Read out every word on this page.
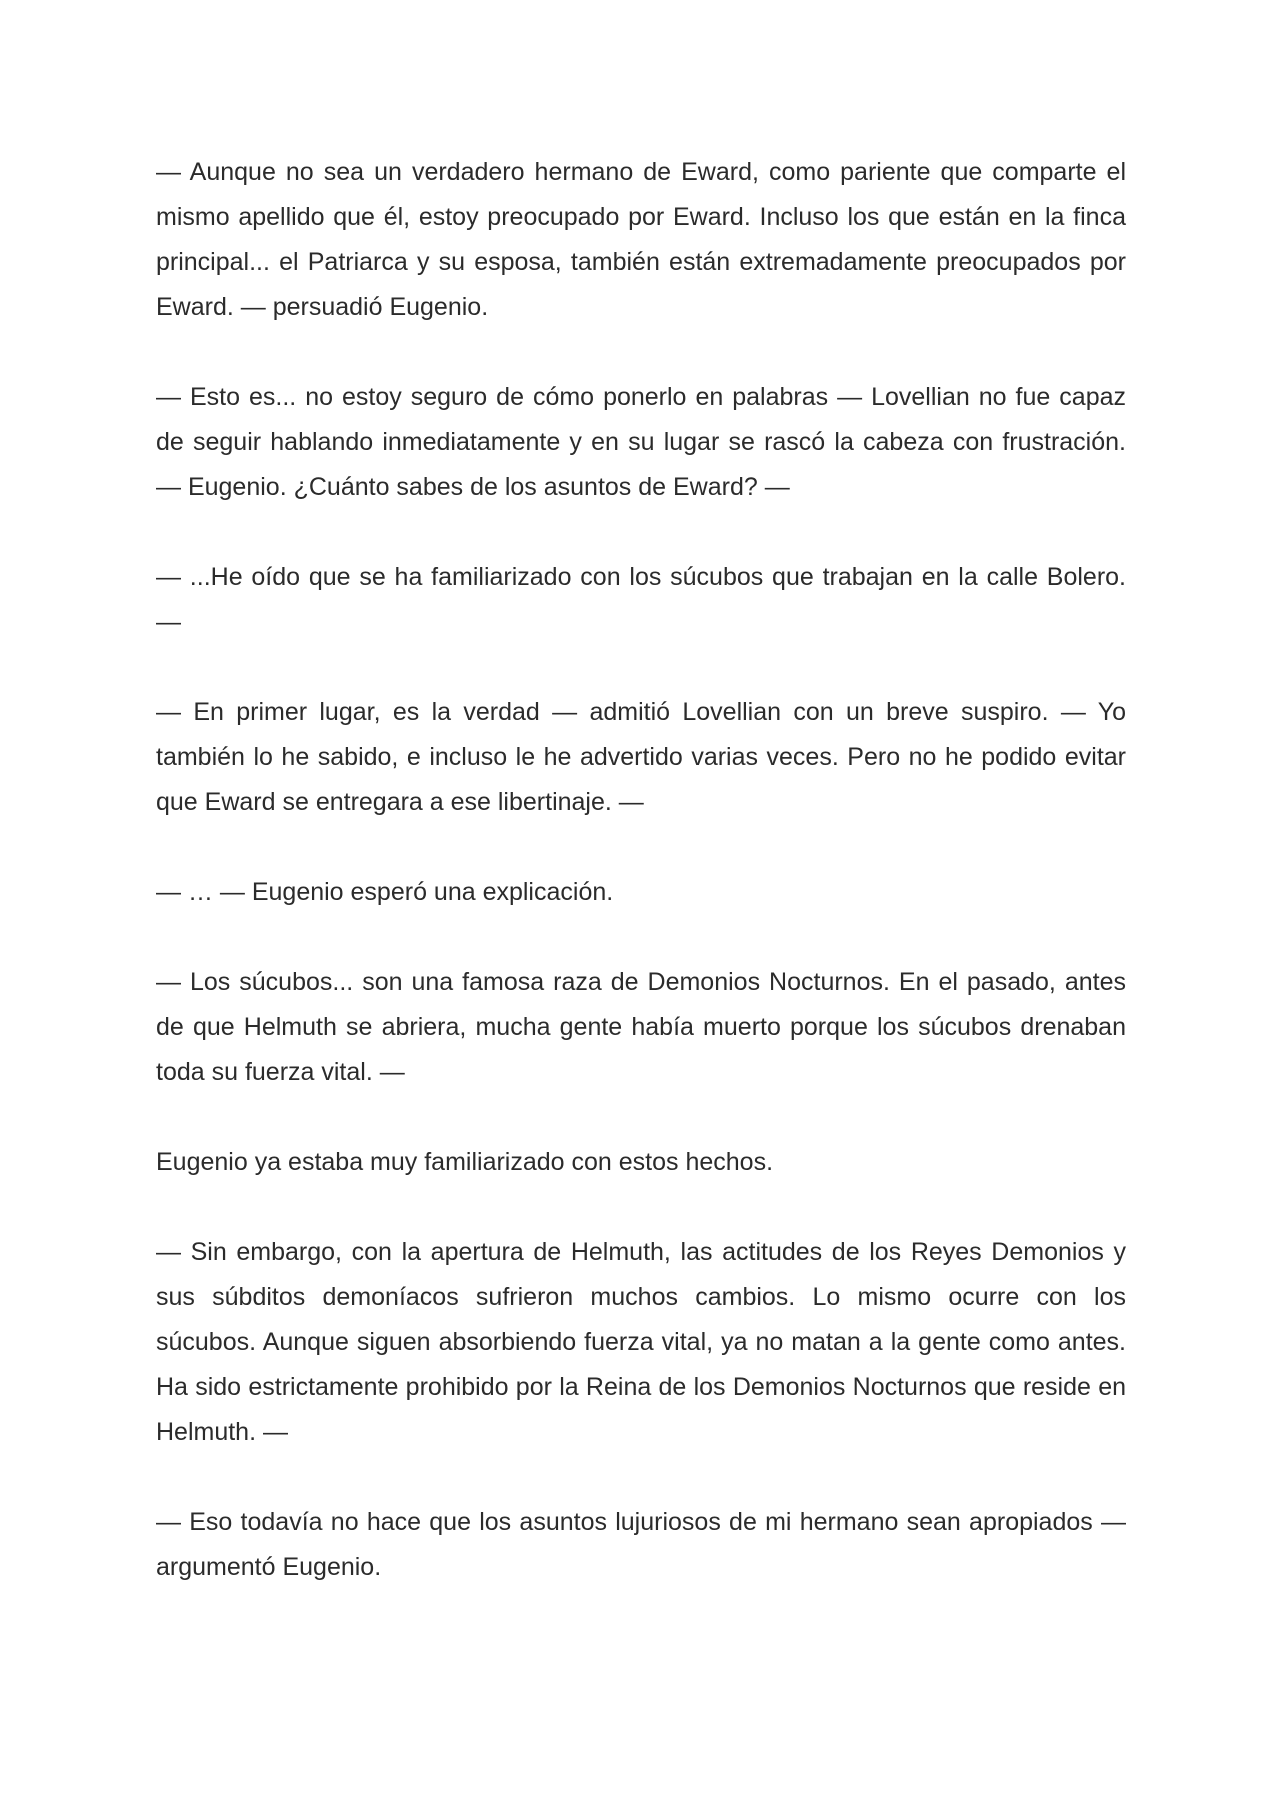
— Aunque no sea un verdadero hermano de Eward, como pariente que comparte el mismo apellido que él, estoy preocupado por Eward. Incluso los que están en la finca principal... el Patriarca y su esposa, también están extremadamente preocupados por Eward. — persuadió Eugenio.

— Esto es... no estoy seguro de cómo ponerlo en palabras — Lovellian no fue capaz de seguir hablando inmediatamente y en su lugar se rascó la cabeza con frustración. — Eugenio. ¿Cuánto sabes de los asuntos de Eward? —

— ...He oído que se ha familiarizado con los súcubos que trabajan en la calle Bolero. —

— En primer lugar, es la verdad — admitió Lovellian con un breve suspiro. — Yo también lo he sabido, e incluso le he advertido varias veces. Pero no he podido evitar que Eward se entregara a ese libertinaje. —

— … — Eugenio esperó una explicación.

— Los súcubos... son una famosa raza de Demonios Nocturnos. En el pasado, antes de que Helmuth se abriera, mucha gente había muerto porque los súcubos drenaban toda su fuerza vital. —

Eugenio ya estaba muy familiarizado con estos hechos.

— Sin embargo, con la apertura de Helmuth, las actitudes de los Reyes Demonios y sus súbditos demoníacos sufrieron muchos cambios. Lo mismo ocurre con los súcubos. Aunque siguen absorbiendo fuerza vital, ya no matan a la gente como antes. Ha sido estrictamente prohibido por la Reina de los Demonios Nocturnos que reside en Helmuth. —

— Eso todavía no hace que los asuntos lujuriosos de mi hermano sean apropiados — argumentó Eugenio.
